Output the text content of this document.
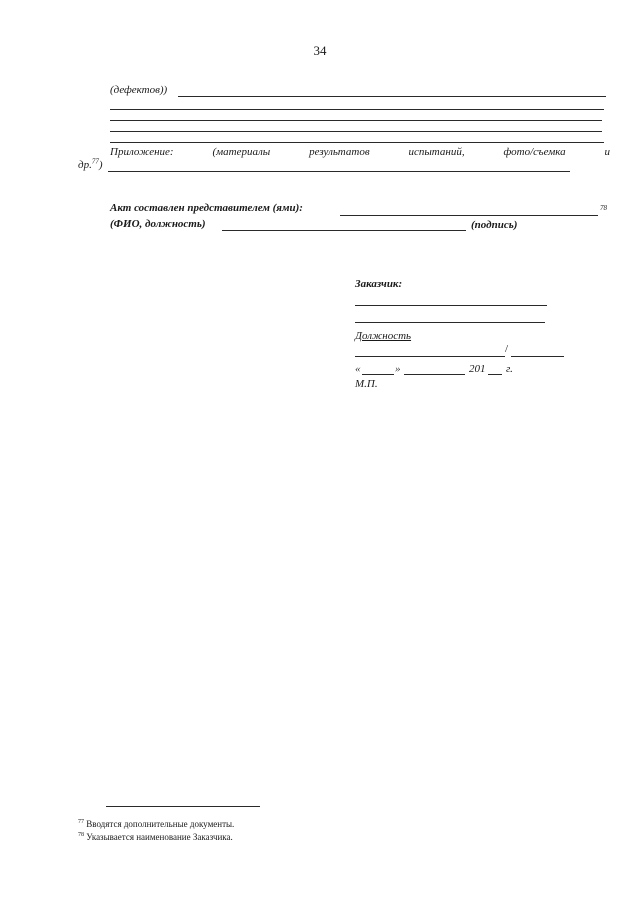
34
(дефектов))
Приложение:	(материалы	результатов	испытаний,	фото/съемка	и
др.$^{77}$)
Акт составлен представителем (ями):	78
(ФИО, должность)	(подпись)
Заказчик:
Должность
/
«	»	201 г.
М.П.
$^{77}$ Вводятся дополнительные документы.
$^{78}$ Указывается наименование Заказчика.
